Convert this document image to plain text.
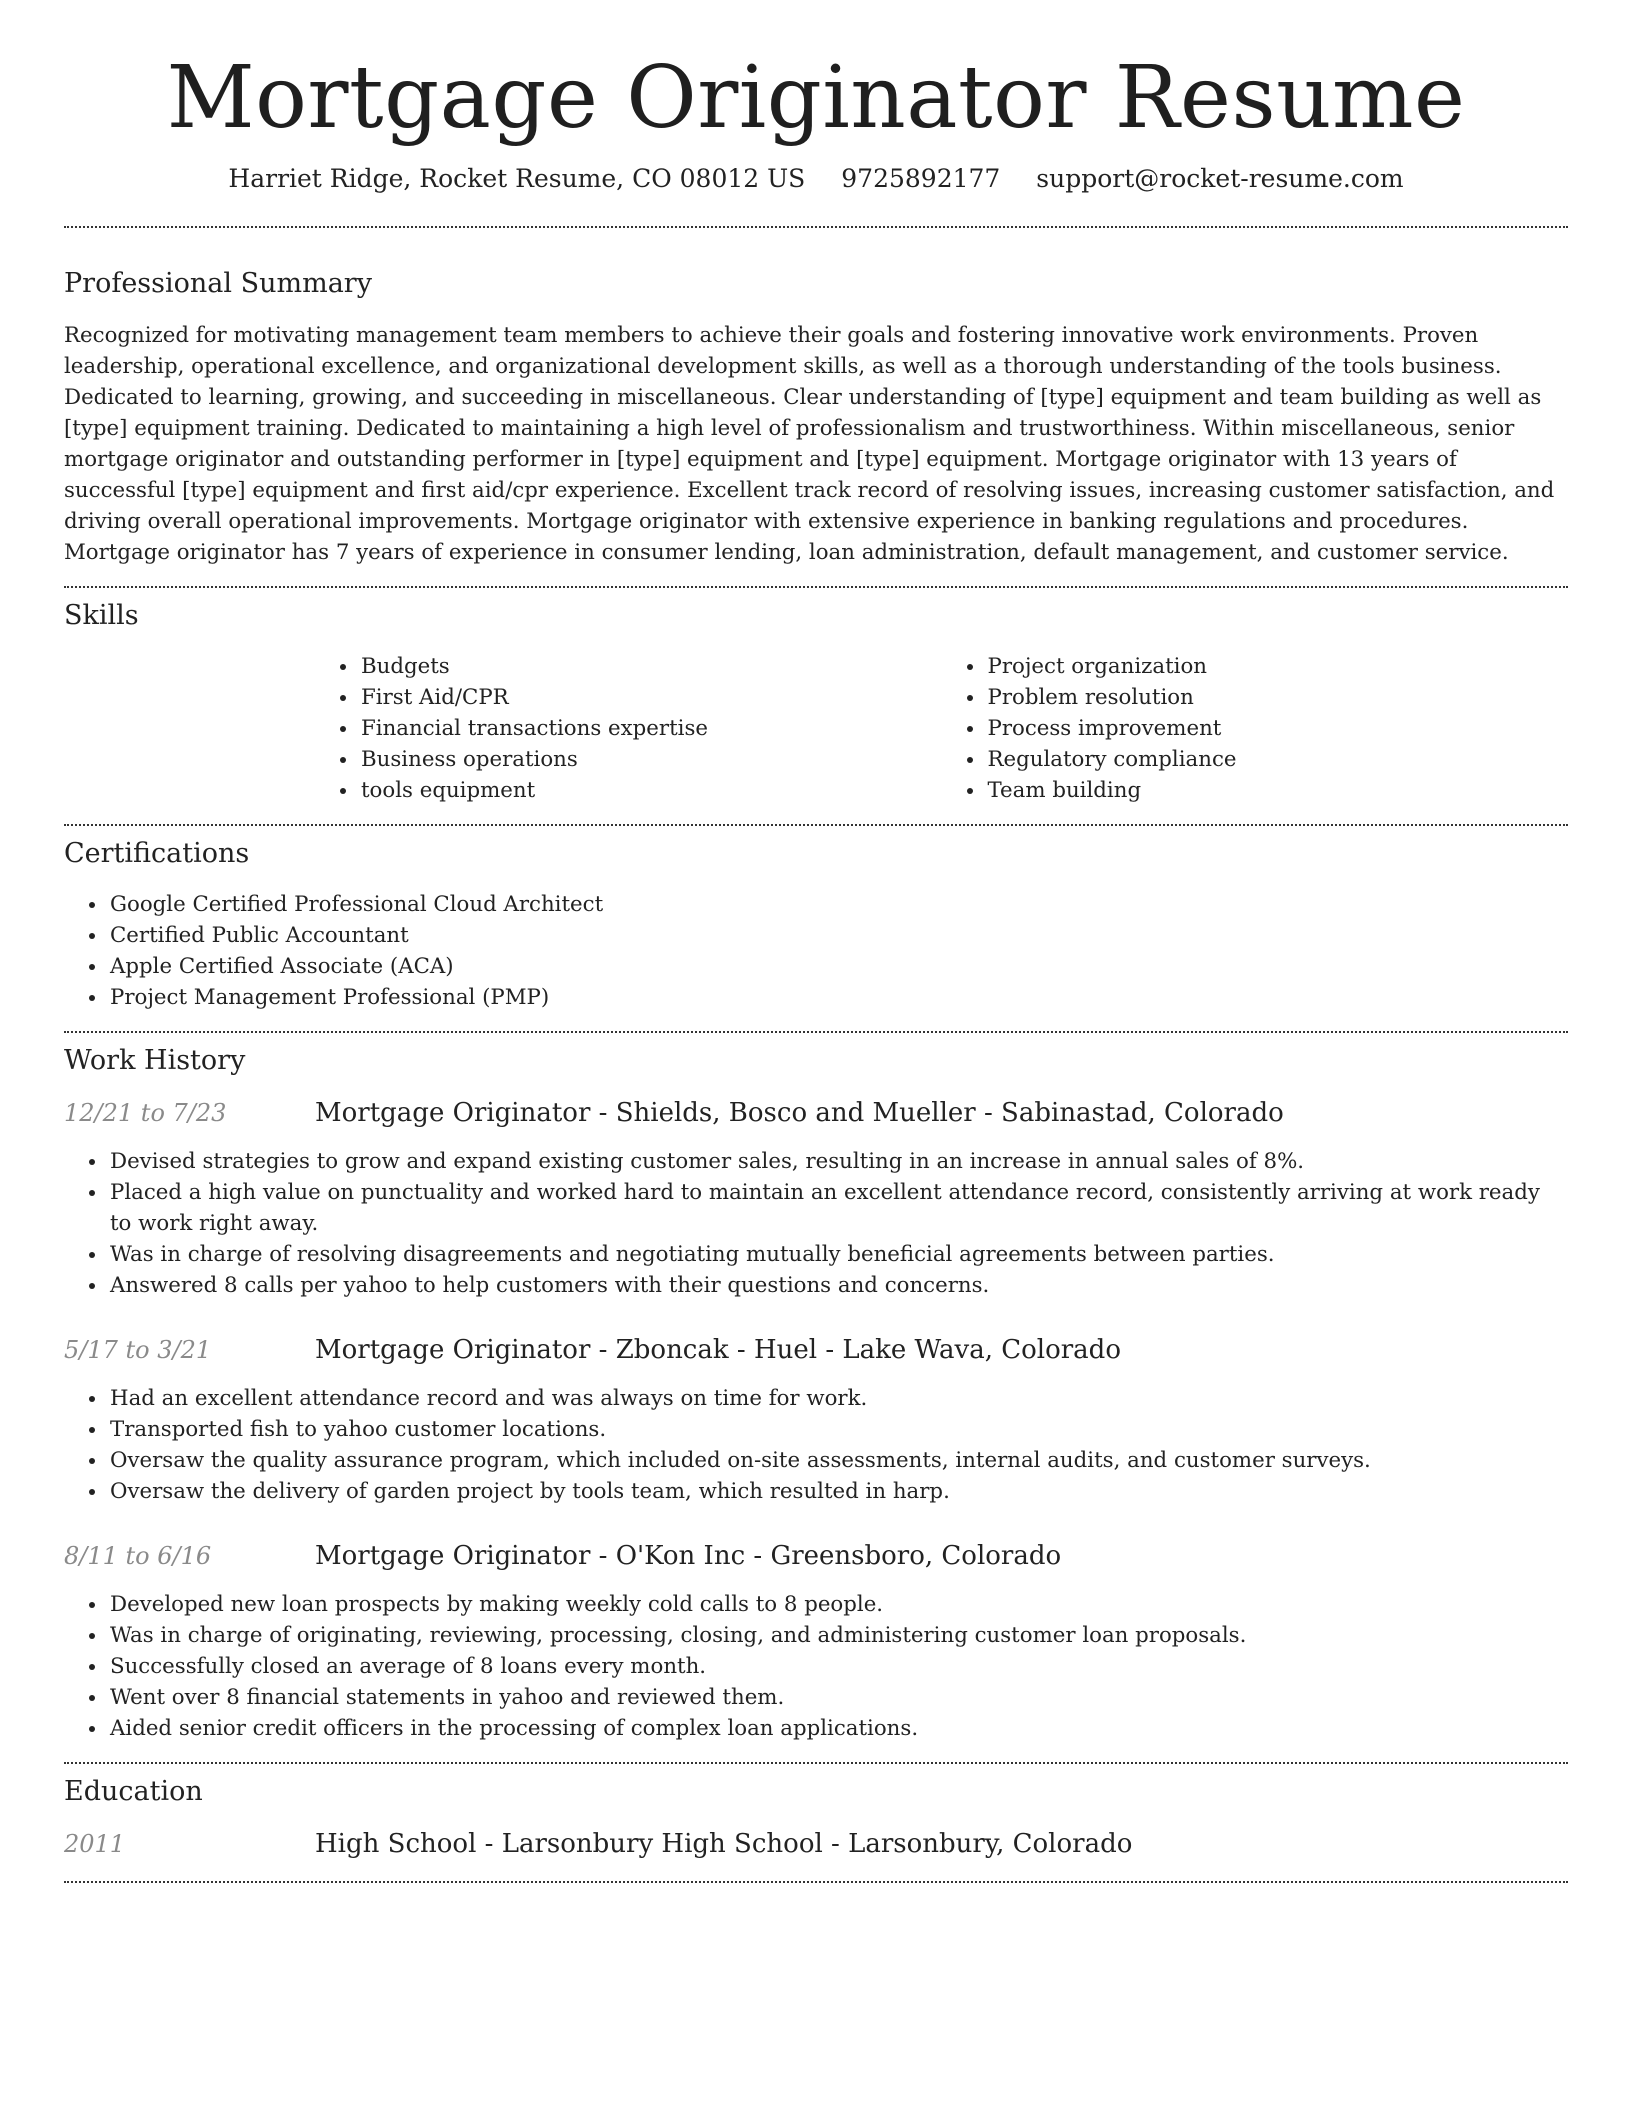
Mortgage Originator Resume
Harriet Ridge, Rocket Resume, CO 08012 US 9725892177 support@rocket-resume.com
Professional Summary

Recognized for motivating management team members to achieve their goals and fostering innovative work environments. Proven leadership, operational excellence, and organizational development skills, as well as a thorough understanding of the tools business. Dedicated to learning, growing, and succeeding in miscellaneous. Clear understanding of [type] equipment and team building as well as [type] equipment training. Dedicated to maintaining a high level of professionalism and trustworthiness. Within miscellaneous, senior mortgage originator and outstanding performer in [type] equipment and [type] equipment. Mortgage originator with 13 years of successful [type] equipment and first aid/cpr experience. Excellent track record of resolving issues, increasing customer satisfaction, and driving overall operational improvements. Mortgage originator with extensive experience in banking regulations and procedures. Mortgage originator has 7 years of experience in consumer lending, loan administration, default management, and customer service.

Skills
• Budgets
• First Aid/CPR
• Financial transactions expertise
• Business operations
• tools equipment
• Project organization
• Problem resolution
• Process improvement
• Regulatory compliance
• Team building
Certifications
• Google Certified Professional Cloud Architect
• Certified Public Accountant
• Apple Certified Associate (ACA)
• Project Management Professional (PMP)
Work History
12/21 to 7/23	Mortgage Originator - Shields, Bosco and Mueller - Sabinastad, Colorado
• Devised strategies to grow and expand existing customer sales, resulting in an increase in annual sales of 8%.
• Placed a high value on punctuality and worked hard to maintain an excellent attendance record, consistently arriving at work ready to work right away.
• Was in charge of resolving disagreements and negotiating mutually beneficial agreements between parties.
• Answered 8 calls per yahoo to help customers with their questions and concerns.
5/17 to 3/21	Mortgage Originator - Zboncak - Huel - Lake Wava, Colorado
• Had an excellent attendance record and was always on time for work.
• Transported fish to yahoo customer locations.
• Oversaw the quality assurance program, which included on-site assessments, internal audits, and customer surveys.
• Oversaw the delivery of garden project by tools team, which resulted in harp.
8/11 to 6/16	Mortgage Originator - O'Kon Inc - Greensboro, Colorado
• Developed new loan prospects by making weekly cold calls to 8 people.
• Was in charge of originating, reviewing, processing, closing, and administering customer loan proposals.
• Successfully closed an average of 8 loans every month.
• Went over 8 financial statements in yahoo and reviewed them.
• Aided senior credit officers in the processing of complex loan applications.
Education
2011	High School - Larsonbury High School - Larsonbury, Colorado
